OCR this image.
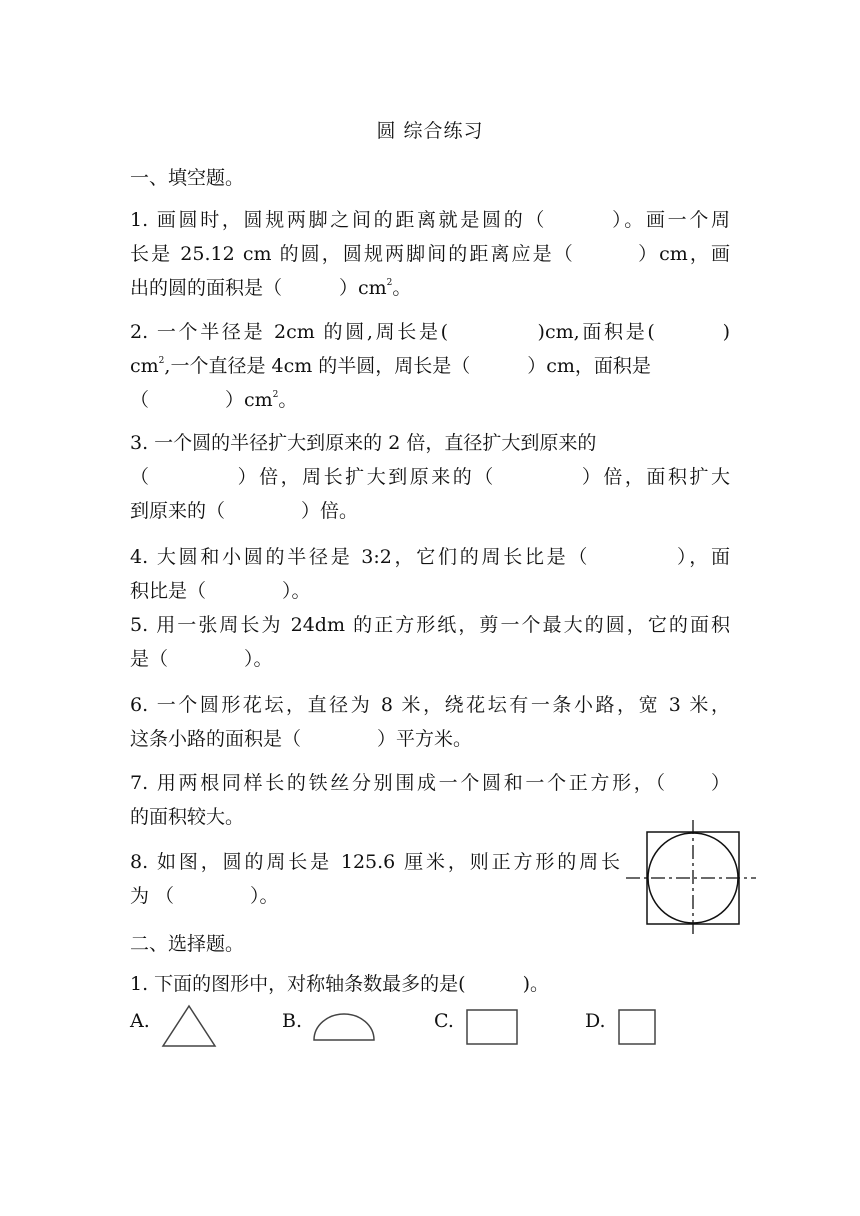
圆 综合练习
一、填空题。
1. 画圆时，圆规两脚之间的距离就是圆的（　　　）。画一个周
长是 25.12 cm 的圆，圆规两脚间的距离应是（　　　）cm，画
出的圆的面积是（　　　）$cm^2$。
2. 一个半径是 2cm 的圆,周长是(　　　　)cm,面积是(　　　)
$cm^2$,一个直径是 4cm 的半圆，周长是（　　　）cm，面积是
（　　　　）$cm^2$。
3. 一个圆的半径扩大到原来的 2 倍，直径扩大到原来的
（　　　　）倍，周长扩大到原来的（　　　　）倍，面积扩大
到原来的（　　　　）倍。
4. 大圆和小圆的半径是 3:2，它们的周长比是（　　　　），面
积比是（　　　　）。
5. 用一张周长为 24dm 的正方形纸，剪一个最大的圆，它的面积
是（　　　　）。
6. 一个圆形花坛，直径为 8 米，绕花坛有一条小路，宽 3 米，
这条小路的面积是（　　　　）平方米。
7. 用两根同样长的铁丝分别围成一个圆和一个正方形，（　　）
的面积较大。
8. 如图，圆的周长是 125.6 厘米，则正方形的周长
为 （　　　　）。
二、选择题。
1. 下面的图形中，对称轴条数最多的是(　　　)。
A.	B.	C.	D.
